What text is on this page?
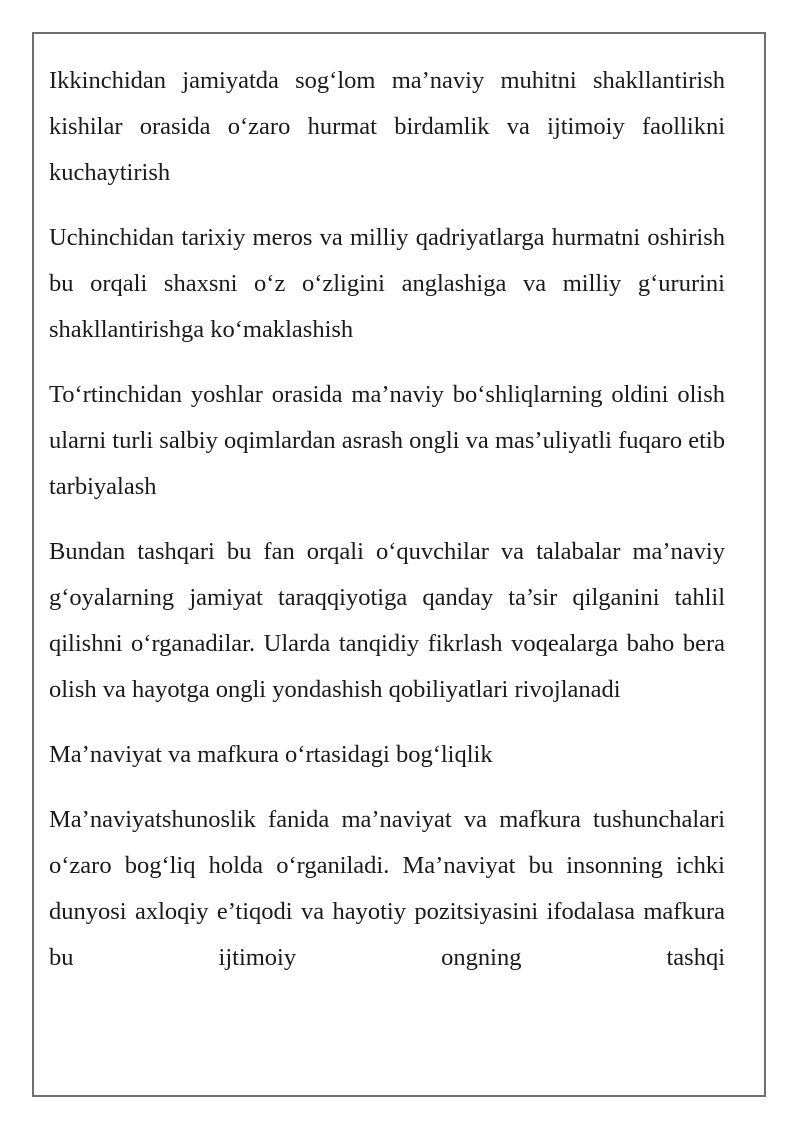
Ikkinchidan jamiyatda sog‘lom ma’naviy muhitni shakllantirish kishilar orasida o‘zaro hurmat birdamlik va ijtimoiy faollikni kuchaytirish

Uchinchidan tarixiy meros va milliy qadriyatlarga hurmatni oshirish bu orqali shaxsni o‘z o‘zligini anglashiga va milliy g‘ururini shakllantirishga ko‘maklashish

To‘rtinchidan yoshlar orasida ma’naviy bo‘shliqlarning oldini olish ularni turli salbiy oqimlardan asrash ongli va mas’uliyatli fuqaro etib tarbiyalash

Bundan tashqari bu fan orqali o‘quvchilar va talabalar ma’naviy g‘oyalarning jamiyat taraqqiyotiga qanday ta’sir qilganini tahlil qilishni o‘rganadilar. Ularda tanqidiy fikrlash voqealarga baho bera olish va hayotga ongli yondashish qobiliyatlari rivojlanadi

Ma’naviyat va mafkura o‘rtasidagi bog‘liqlik

Ma’naviyatshunoslik fanida ma’naviyat va mafkura tushunchalari o‘zaro bog‘liq holda o‘rganiladi. Ma’naviyat bu insonning ichki dunyosi axloqiy e’tiqodi va hayotiy pozitsiyasini ifodalasa mafkura bu ijtimoiy ongning tashqi
